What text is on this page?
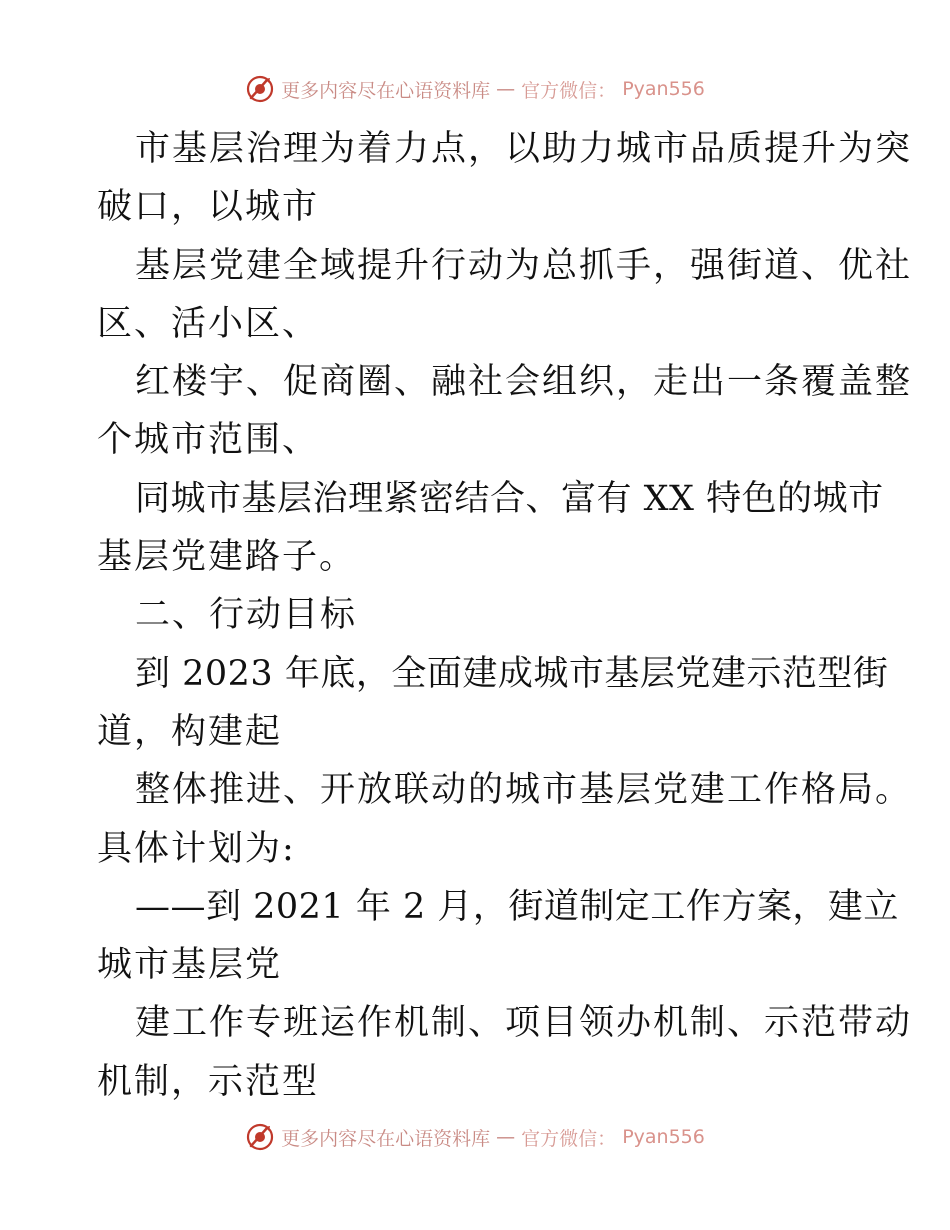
更多内容尽在心语资料库 — 官方微信： Pyan556
市基层治理为着力点，以助力城市品质提升为突
破口，以城市
基层党建全域提升行动为总抓手，强街道、优社
区、活小区、
红楼宇、促商圈、融社会组织，走出一条覆盖整
个城市范围、
同城市基层治理紧密结合、富有 XX 特色的城市
基层党建路子。
二、行动目标
到 2023 年底，全面建成城市基层党建示范型街
道，构建起
整体推进、开放联动的城市基层党建工作格局。
具体计划为:
——到 2021 年 2 月，街道制定工作方案，建立
城市基层党
建工作专班运作机制、项目领办机制、示范带动
机制，示范型
更多内容尽在心语资料库 — 官方微信： Pyan556
